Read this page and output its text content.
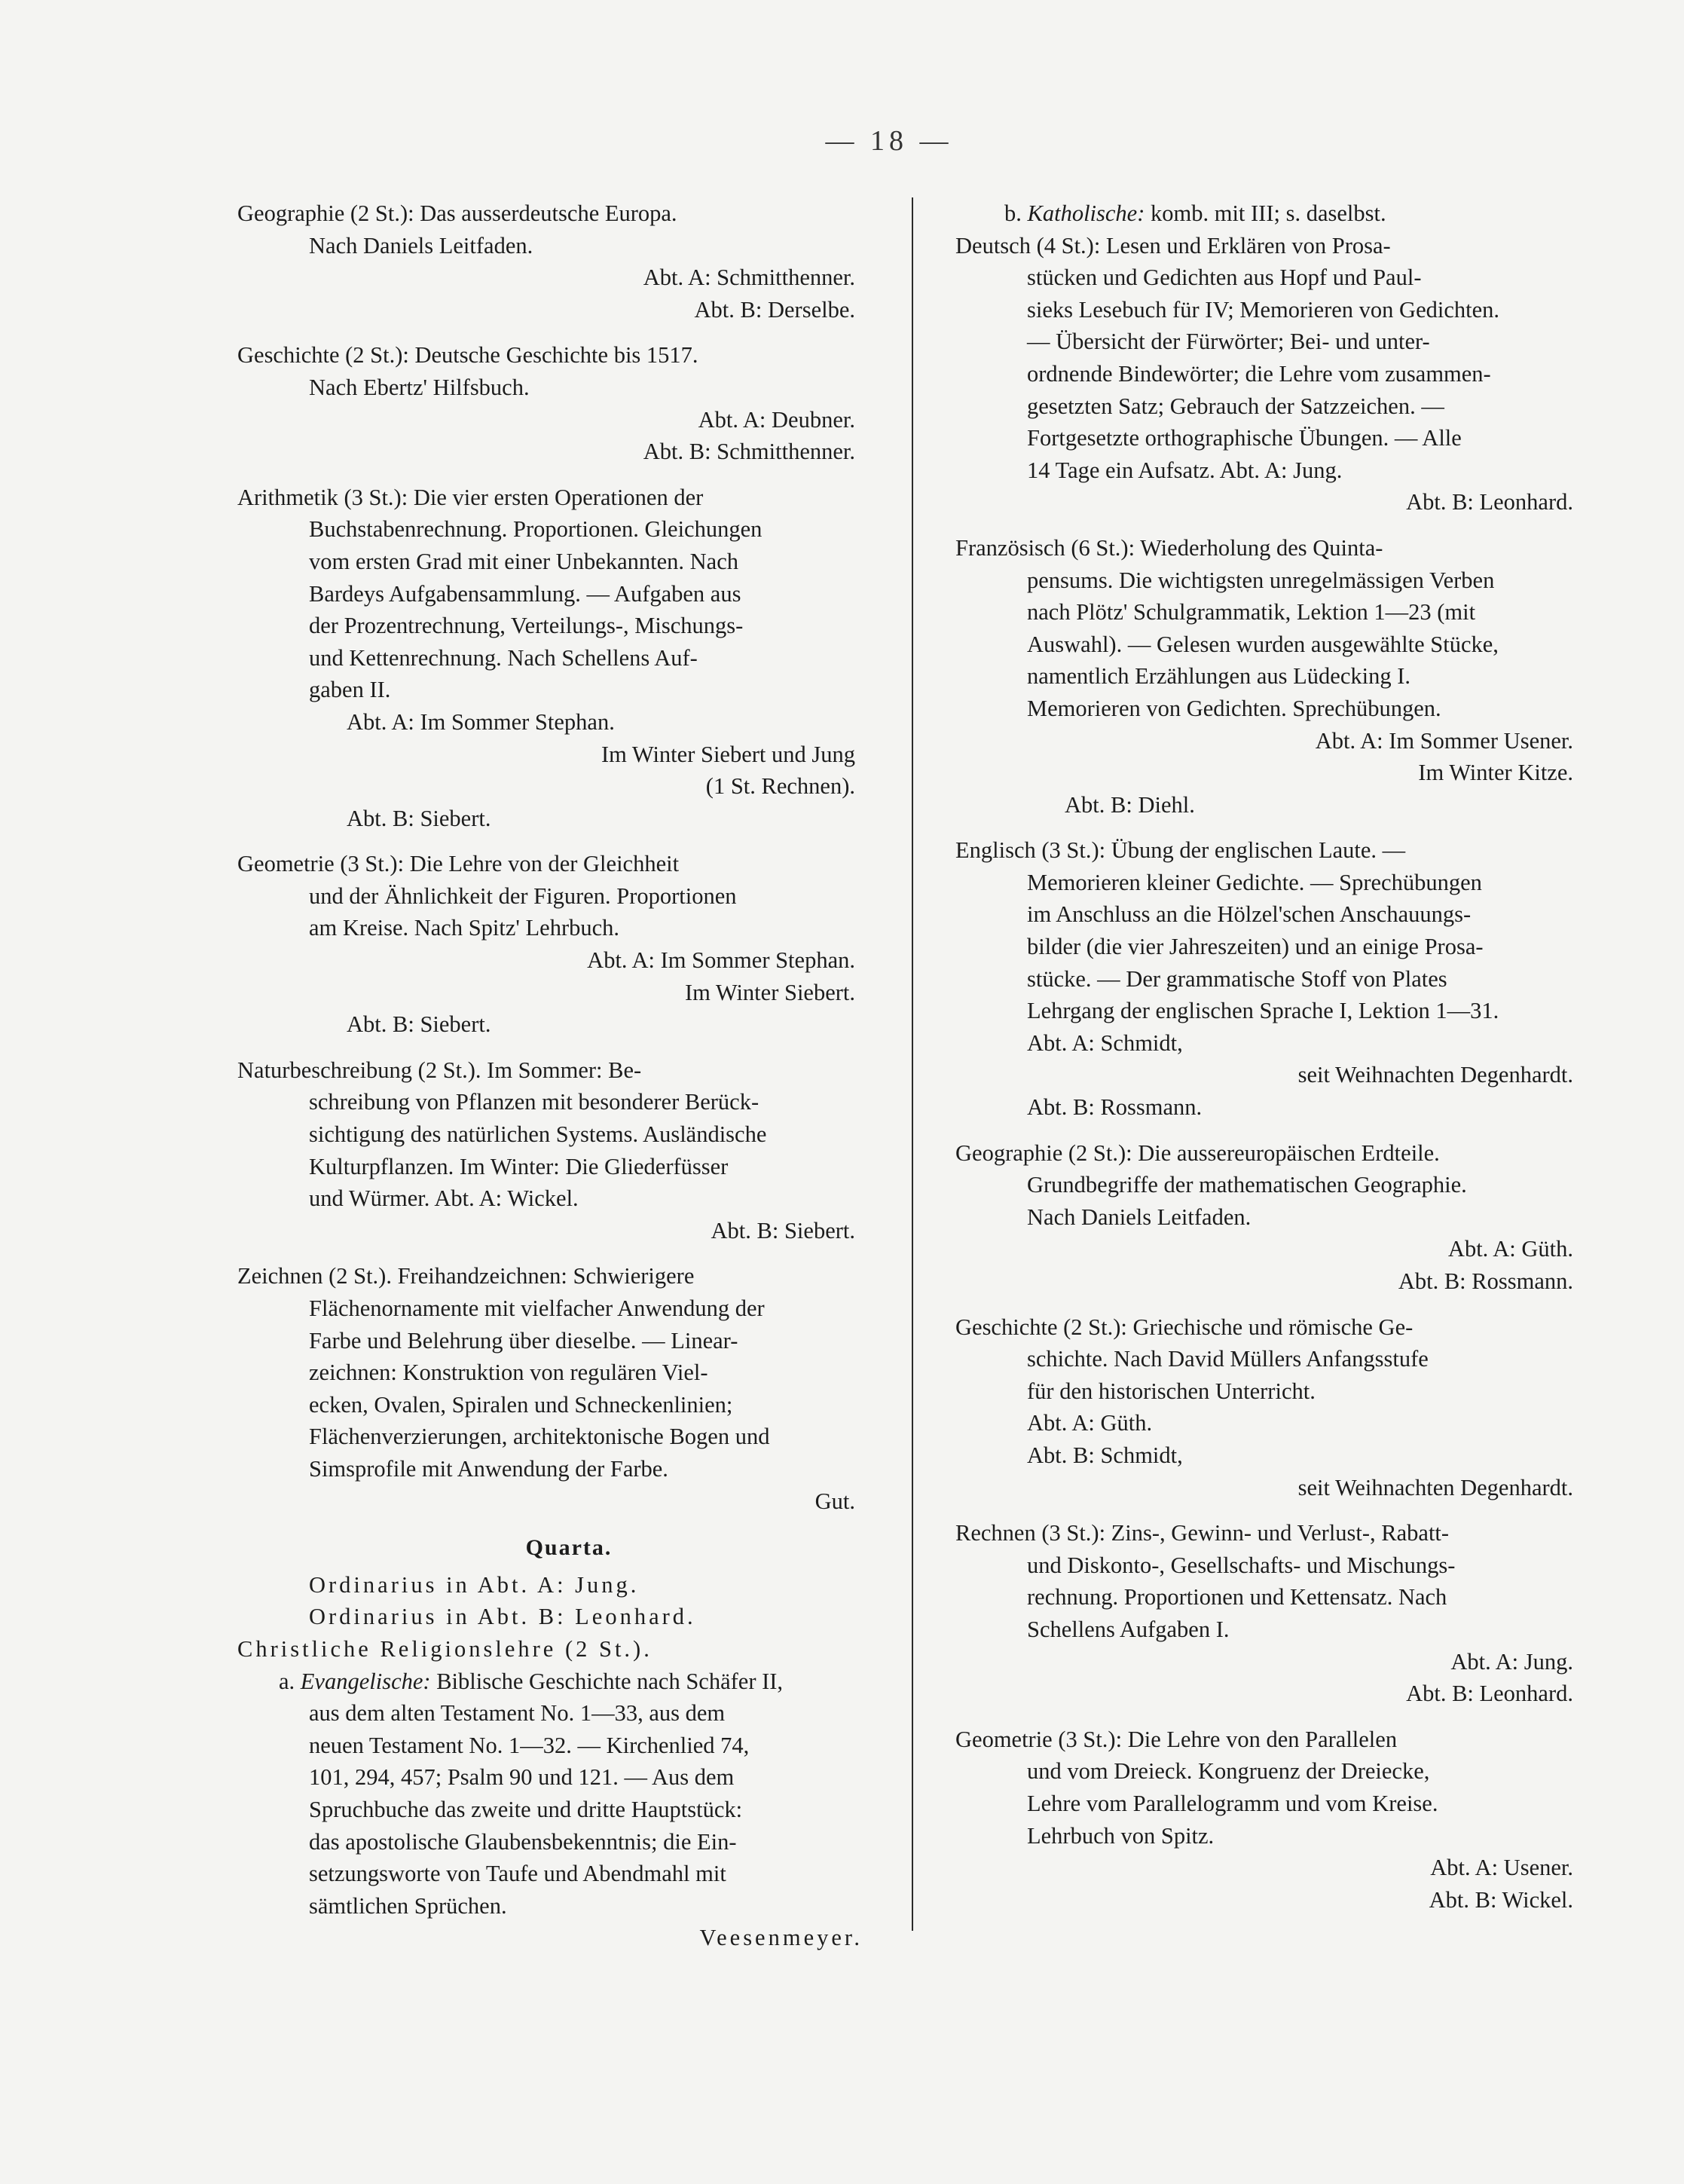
— 18 —
Geographie (2 St.): Das ausserdeutsche Europa.
Nach Daniels Leitfaden.
Abt. A: Schmitthenner.
Abt. B: Derselbe.
Geschichte (2 St.): Deutsche Geschichte bis 1517.
Nach Ebertz' Hilfsbuch.
Abt. A: Deubner.
Abt. B: Schmitthenner.
Arithmetik (3 St.): Die vier ersten Operationen der
Buchstabenrechnung. Proportionen. Gleichungen
vom ersten Grad mit einer Unbekannten. Nach
Bardeys Aufgabensammlung. — Aufgaben aus
der Prozentrechnung, Verteilungs-, Mischungs-
und Kettenrechnung. Nach Schellens Auf-
gaben II.
Abt. A: Im Sommer Stephan.
Im Winter Siebert und Jung
(1 St. Rechnen).
Abt. B: Siebert.
Geometrie (3 St.): Die Lehre von der Gleichheit
und der Ähnlichkeit der Figuren. Proportionen
am Kreise. Nach Spitz' Lehrbuch.
Abt. A: Im Sommer Stephan.
Im Winter Siebert.
Abt. B: Siebert.
Naturbeschreibung (2 St.). Im Sommer: Be-
schreibung von Pflanzen mit besonderer Berück-
sichtigung des natürlichen Systems. Ausländische
Kulturpflanzen. Im Winter: Die Gliederfüsser
und Würmer. Abt. A: Wickel.
Abt. B: Siebert.
Zeichnen (2 St.). Freihandzeichnen: Schwierigere
Flächenornamente mit vielfacher Anwendung der
Farbe und Belehrung über dieselbe. — Linear-
zeichnen: Konstruktion von regulären Viel-
ecken, Ovalen, Spiralen und Schneckenlinien;
Flächenverzierungen, architektonische Bogen und
Simsprofile mit Anwendung der Farbe.
Gut.
Quarta.
Ordinarius in Abt. A: Jung.
Ordinarius in Abt. B: Leonhard.
Christliche Religionslehre (2 St.).
a. Evangelische: Biblische Geschichte nach Schäfer II,
aus dem alten Testament No. 1—33, aus dem
neuen Testament No. 1—32. — Kirchenlied 74,
101, 294, 457; Psalm 90 und 121. — Aus dem
Spruchbuche das zweite und dritte Hauptstück:
das apostolische Glaubensbekenntnis; die Ein-
setzungsworte von Taufe und Abendmahl mit
sämtlichen Sprüchen.
Veesenmeyer.
b. Katholische: komb. mit III; s. daselbst.
Deutsch (4 St.): Lesen und Erklären von Prosa-
stücken und Gedichten aus Hopf und Paul-
sieks Lesebuch für IV; Memorieren von Gedichten.
— Übersicht der Fürwörter; Bei- und unter-
ordnende Bindewörter; die Lehre vom zusammen-
gesetzten Satz; Gebrauch der Satzzeichen. —
Fortgesetzte orthographische Übungen. — Alle
14 Tage ein Aufsatz. Abt. A: Jung.
Abt. B: Leonhard.
Französisch (6 St.): Wiederholung des Quinta-
pensums. Die wichtigsten unregelmässigen Verben
nach Plötz' Schulgrammatik, Lektion 1—23 (mit
Auswahl). — Gelesen wurden ausgewählte Stücke,
namentlich Erzählungen aus Lüdecking I.
Memorieren von Gedichten. Sprechübungen.
Abt. A: Im Sommer Usener.
Im Winter Kitze.
Abt. B: Diehl.
Englisch (3 St.): Übung der englischen Laute. —
Memorieren kleiner Gedichte. — Sprechübungen
im Anschluss an die Hölzel'schen Anschauungs-
bilder (die vier Jahreszeiten) und an einige Prosa-
stücke. — Der grammatische Stoff von Plates
Lehrgang der englischen Sprache I, Lektion 1—31.
Abt. A: Schmidt,
seit Weihnachten Degenhardt.
Abt. B: Rossmann.
Geographie (2 St.): Die aussereuropäischen Erdteile.
Grundbegriffe der mathematischen Geographie.
Nach Daniels Leitfaden.
Abt. A: Güth.
Abt. B: Rossmann.
Geschichte (2 St.): Griechische und römische Ge-
schichte. Nach David Müllers Anfangsstufe
für den historischen Unterricht.
Abt. A: Güth.
Abt. B: Schmidt,
seit Weihnachten Degenhardt.
Rechnen (3 St.): Zins-, Gewinn- und Verlust-, Rabatt-
und Diskonto-, Gesellschafts- und Mischungs-
rechnung. Proportionen und Kettensatz. Nach
Schellens Aufgaben I.
Abt. A: Jung.
Abt. B: Leonhard.
Geometrie (3 St.): Die Lehre von den Parallelen
und vom Dreieck. Kongruenz der Dreiecke,
Lehre vom Parallelogramm und vom Kreise.
Lehrbuch von Spitz.
Abt. A: Usener.
Abt. B: Wickel.
